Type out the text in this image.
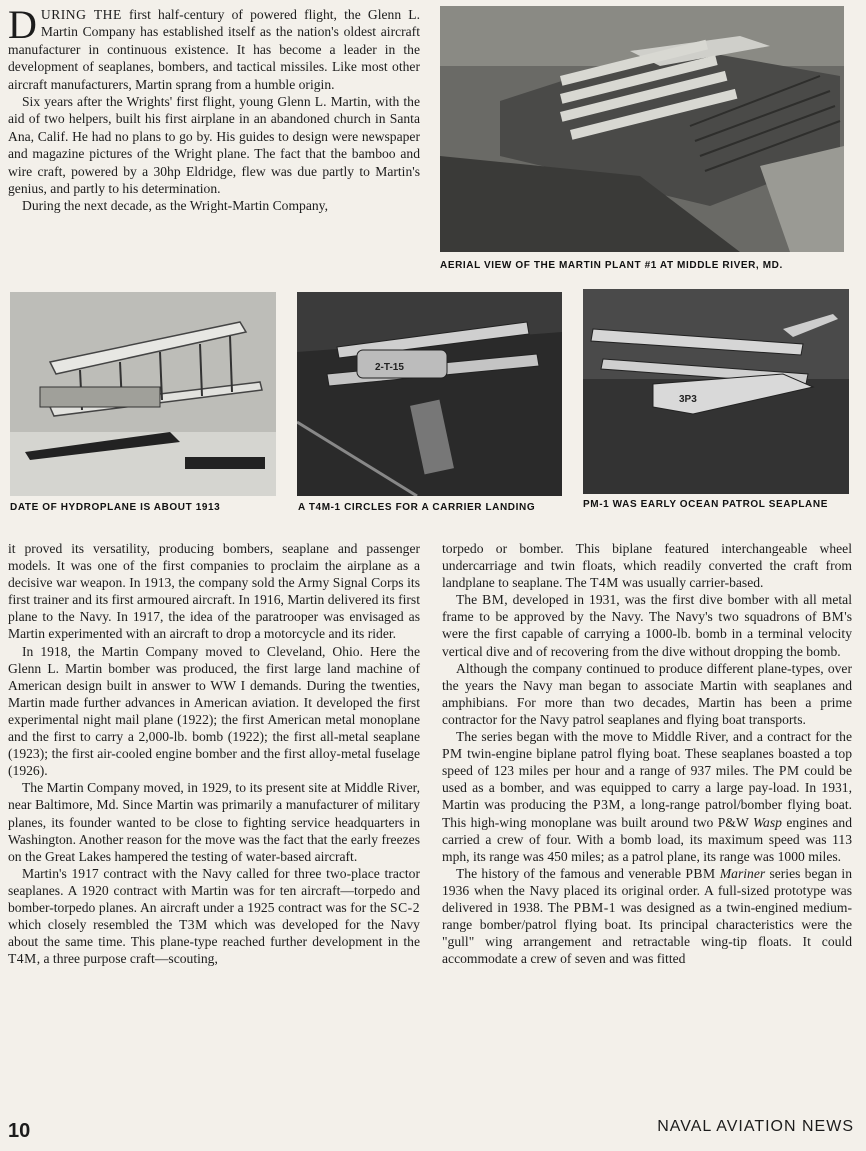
DURING THE first half-century of powered flight, the Glenn L. Martin Company has established itself as the nation's oldest aircraft manufacturer in continuous existence. It has become a leader in the development of seaplanes, bombers, and tactical missiles. Like most other aircraft manufacturers, Martin sprang from a humble origin.

Six years after the Wrights' first flight, young Glenn L. Martin, with the aid of two helpers, built his first airplane in an abandoned church in Santa Ana, Calif. He had no plans to go by. His guides to design were newspaper and magazine pictures of the Wright plane. The fact that the bamboo and wire craft, powered by a 30hp Eldridge, flew was due partly to Martin's genius, and partly to his determination.

During the next decade, as the Wright-Martin Company,

AERIAL VIEW OF THE MARTIN PLANT #1 AT MIDDLE RIVER, MD.
2-T-15
3P3
DATE OF HYDROPLANE IS ABOUT 1913	A T4M-1 CIRCLES FOR A CARRIER LANDING	PM-1 WAS EARLY OCEAN PATROL SEAPLANE

it proved its versatility, producing bombers, seaplane and passenger models. It was one of the first companies to proclaim the airplane as a decisive war weapon. In 1913, the company sold the Army Signal Corps its first trainer and its first armoured aircraft. In 1916, Martin delivered its first plane to the Navy. In 1917, the idea of the paratrooper was envisaged as Martin experimented with an aircraft to drop a motorcycle and its rider.

In 1918, the Martin Company moved to Cleveland, Ohio. Here the Glenn L. Martin bomber was produced, the first large land machine of American design built in answer to WW I demands. During the twenties, Martin made further advances in American aviation. It developed the first experimental night mail plane (1922); the first American metal monoplane and the first to carry a 2,000-lb. bomb (1922); the first all-metal seaplane (1923); the first air-cooled engine bomber and the first alloy-metal fuselage (1926).

The Martin Company moved, in 1929, to its present site at Middle River, near Baltimore, Md. Since Martin was primarily a manufacturer of military planes, its founder wanted to be close to fighting service headquarters in Washington. Another reason for the move was the fact that the early freezes on the Great Lakes hampered the testing of water-based aircraft.

Martin's 1917 contract with the Navy called for three two-place tractor seaplanes. A 1920 contract with Martin was for ten aircraft—torpedo and bomber-torpedo planes. An aircraft under a 1925 contract was for the SC-2 which closely resembled the T3M which was developed for the Navy about the same time. This plane-type reached further development in the T4M, a three purpose craft—scouting,

torpedo or bomber. This biplane featured interchangeable wheel undercarriage and twin floats, which readily converted the craft from landplane to seaplane. The T4M was usually carrier-based.

The BM, developed in 1931, was the first dive bomber with all metal frame to be approved by the Navy. The Navy's two squadrons of BM's were the first capable of carrying a 1000-lb. bomb in a terminal velocity vertical dive and of recovering from the dive without dropping the bomb.

Although the company continued to produce different plane-types, over the years the Navy man began to associate Martin with seaplanes and amphibians. For more than two decades, Martin has been a prime contractor for the Navy patrol seaplanes and flying boat transports.

The series began with the move to Middle River, and a contract for the PM twin-engine biplane patrol flying boat. These seaplanes boasted a top speed of 123 miles per hour and a range of 937 miles. The PM could be used as a bomber, and was equipped to carry a large pay-load. In 1931, Martin was producing the P3M, a long-range patrol/bomber flying boat. This high-wing monoplane was built around two P&W Wasp engines and carried a crew of four. With a bomb load, its maximum speed was 113 mph, its range was 450 miles; as a patrol plane, its range was 1000 miles.

The history of the famous and venerable PBM Mariner series began in 1936 when the Navy placed its original order. A full-sized prototype was delivered in 1938. The PBM-1 was designed as a twin-engined medium-range bomber/patrol flying boat. Its principal characteristics were the "gull" wing arrangement and retractable wing-tip floats. It could accommodate a crew of seven and was fitted

10	NAVAL AVIATION NEWS
